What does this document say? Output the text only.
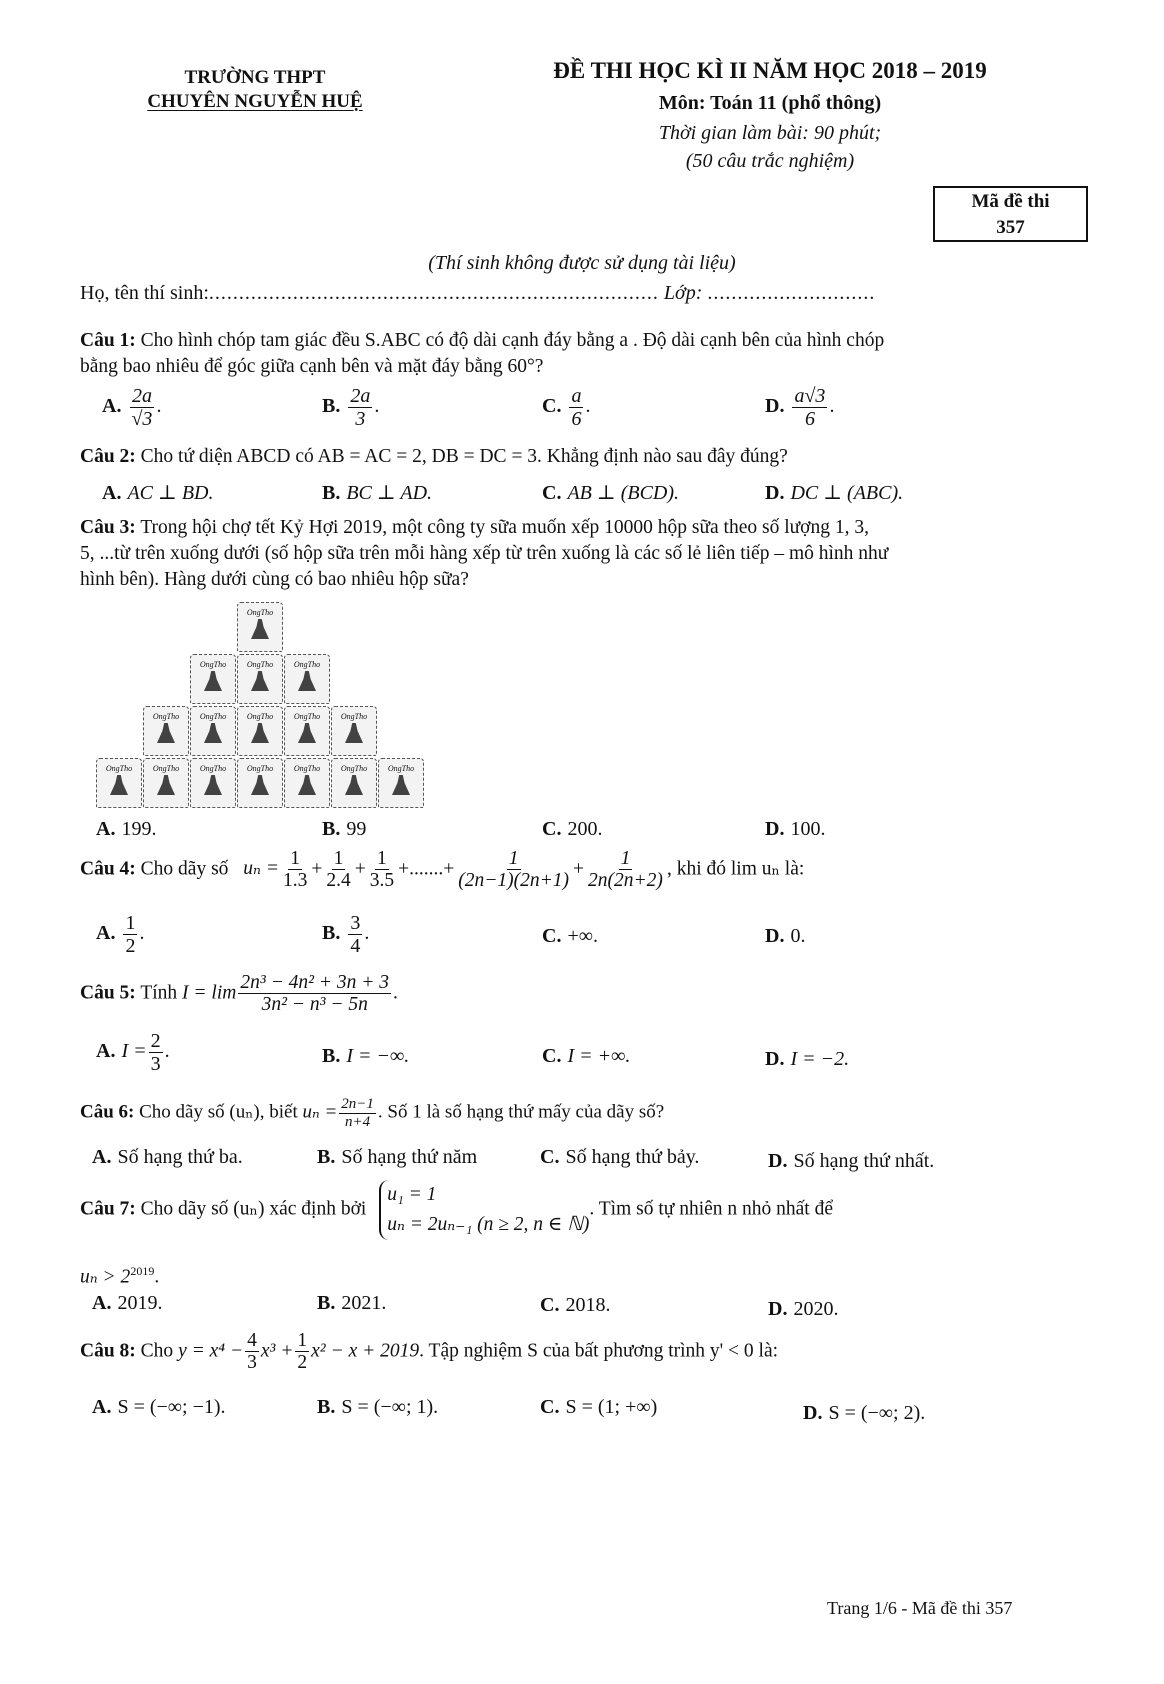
TRƯỜNG THPT
CHUYÊN NGUYỄN HUỆ
ĐỀ THI HỌC KÌ II NĂM HỌC 2018 – 2019
Môn: Toán 11 (phổ thông)
Thời gian làm bài: 90 phút;
(50 câu trắc nghiệm)
Mã đề thi
357
(Thí sinh không được sử dụng tài liệu)
Họ, tên thí sinh:........................................................................... Lớp: ............................
Câu 1: Cho hình chóp tam giác đều S.ABC có độ dài cạnh đáy bằng a . Độ dài cạnh bên của hình chóp
bằng bao nhiêu để góc giữa cạnh bên và mặt đáy bằng 60°?
A. $\frac{2a}{√3}$ .	B. $\frac{2a}{3}$ .	C. $\frac{a}{6}$ .	D. $\frac{a√3}{6}$ .
Câu 2: Cho tứ diện ABCD có AB = AC = 2, DB = DC = 3. Khẳng định nào sau đây đúng?
A. AC ⊥ BD.	B. BC ⊥ AD.	C. AB ⊥ (BCD).	D. DC ⊥ (ABC).
Câu 3: Trong hội chợ tết Kỷ Hợi 2019, một công ty sữa muốn xếp 10000 hộp sữa theo số lượng 1, 3,
5, ...từ trên xuống dưới (số hộp sữa trên mỗi hàng xếp từ trên xuống là các số lẻ liên tiếp – mô hình như
hình bên). Hàng dưới cùng có bao nhiêu hộp sữa?
OngTho
OngTho	OngTho	OngTho
OngTho	OngTho	OngTho	OngTho	OngTho
OngTho	OngTho	OngTho	OngTho	OngTho	OngTho	OngTho
A. 199.	B. 99	C. 200.	D. 100.
Câu 4: Cho dãy số $u_n = \frac{1}{1.3} + \frac{1}{2.4} + \frac{1}{3.5}$ +.......+ $\frac{1}{(2n-1)(2n+1)} + \frac{1}{2n(2n+2)}$ , khi đó lim uₙ là:
A. $\frac{1}{2}$ .	B. $\frac{3}{4}$ .	C. +∞.	D. 0.
Câu 5: Tính $I = \lim \frac{\text{2n³ − 4n² + 3n + 3}}{\text{3n² − n³ − 5n}}$ .
A. $I = \frac{2}{3}$ .	B. I = −∞.	C. I = +∞.	D. I = −2.
Câu 6: Cho dãy số (uₙ), biết $u_n = \frac{2n-1}{n+4}$ . Số 1 là số hạng thứ mấy của dãy số?
A. Số hạng thứ ba.	B. Số hạng thứ năm	C. Số hạng thứ bảy.	D. Số hạng thứ nhất.
Câu 7: Cho dãy số (uₙ) xác định bởi
u₁ = 1
uₙ = 2uₙ₋₁ (n ≥ 2, n ∈ ℕ)
. Tìm số tự nhiên n nhỏ nhất để
$u_n > 2^{2019}$.
A. 2019.	B. 2021.	C. 2018.	D. 2020.
Câu 8: Cho $y = x^4 - \frac{4}{3} x^3 + \frac{1}{2} x^2 - x + 2019$. Tập nghiệm S của bất phương trình y' < 0 là:
A. S = (−∞; −1).	B. S = (−∞; 1).	C. S = (1; +∞)	D. S = (−∞; 2).
Trang 1/6 - Mã đề thi 357
